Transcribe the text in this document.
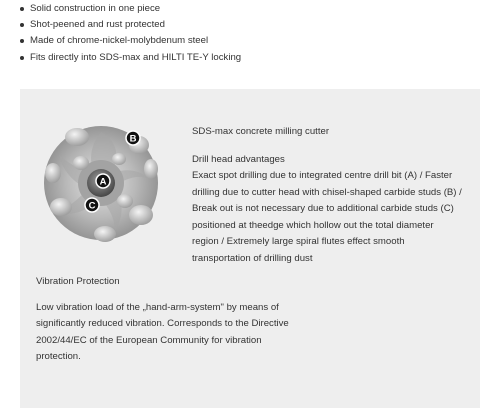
Solid construction in one piece
Shot-peened and rust protected
Made of chrome-nickel-molybdenum steel
Fits directly into SDS-max and HILTI TE-Y locking
B
A
C

SDS-max concrete milling cutter

Drill head advantages

Exact spot drilling due to integrated centre drill bit (A) / Faster

drilling due to cutter head with chisel-shaped carbide studs (B) /

Break out is not necessary due to additional carbide studs (C)

positioned at theedge which hollow out the total diameter

region / Extremely large spiral flutes effect smooth

transportation of drilling dust

Vibration Protection
Low vibration load of the „hand-arm-system" by means of
significantly reduced vibration. Corresponds to the Directive
2002/44/EC of the European Community for vibration
protection.
